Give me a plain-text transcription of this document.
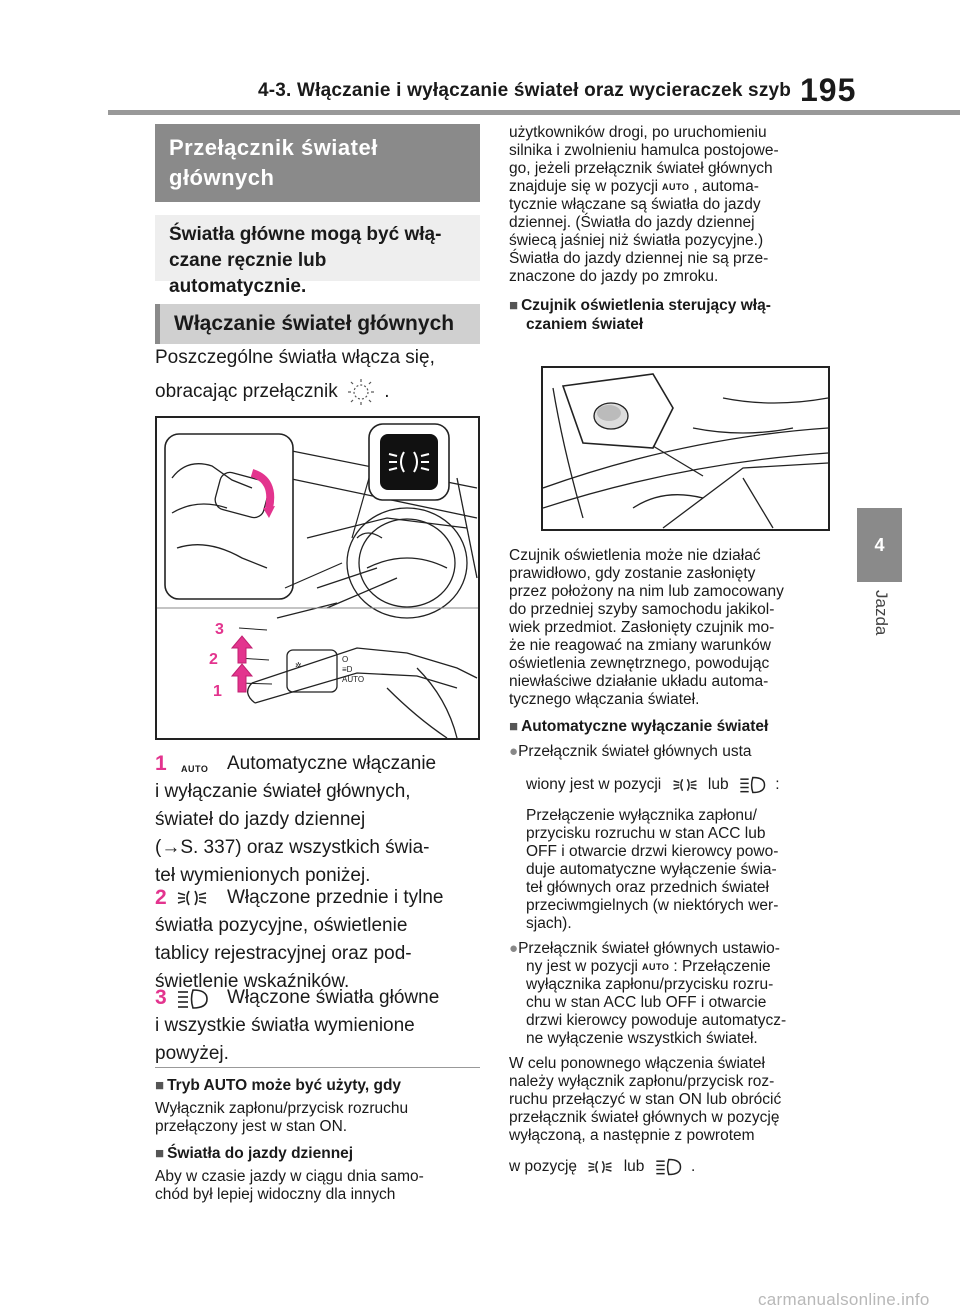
4-3. Włączanie i wyłączanie świateł oraz wycieraczek szyb 195
4
Jazda
Przełącznik świateł głównych
Światła główne mogą być włą-czane ręcznie lub automatycznie.
Włączanie świateł głównych
Poszczególne światła włącza się,
obracając przełącznik .
O
≡D
AUTO
✲
3
2
1
1 AUTO Automatyczne włączanie
i wyłączanie świateł głównych,
świateł do jazdy dziennej
(→S. 337) oraz wszystkich świa-
teł wymienionych poniżej.
2	Włączone przednie i tylne
światła pozycyjne, oświetlenie
tablicy rejestracyjnej oraz pod-
świetlenie wskaźników.
3	Włączone światła główne
i wszystkie światła wymienione
powyżej.
■ Tryb AUTO może być użyty, gdy
Wyłącznik zapłonu/przycisk rozruchu
przełączony jest w stan ON.
■ Światła do jazdy dziennej
Aby w czasie jazdy w ciągu dnia samo-
chód był lepiej widoczny dla innych
użytkowników drogi, po uruchomieniu
silnika i zwolnieniu hamulca postojowe-
go, jeżeli przełącznik świateł głównych
znajduje się w pozycji AUTO , automa-
tycznie włączane są światła do jazdy
dziennej. (Światła do jazdy dziennej
świecą jaśniej niż światła pozycyjne.)
Światła do jazdy dziennej nie są prze-
znaczone do jazdy po zmroku.
■ Czujnik oświetlenia sterujący włą-
czaniem świateł
Czujnik oświetlenia może nie działać
prawidłowo, gdy zostanie zasłonięty
przez położony na nim lub zamocowany
do przedniej szyby samochodu jakikol-
wiek przedmiot. Zasłonięty czujnik mo-
że nie reagować na zmiany warunków
oświetlenia zewnętrznego, powodując
niewłaściwe działanie układu automa-
tycznego włączania świateł.
■ Automatyczne wyłączanie świateł
●Przełącznik świateł głównych usta
wiony jest w pozycji	lub	:
Przełączenie wyłącznika zapłonu/
przycisku rozruchu w stan ACC lub
OFF i otwarcie drzwi kierowcy powo-
duje automatyczne wyłączenie świa-
teł głównych oraz przednich świateł
przeciwmgielnych (w niektórych wer-
sjach).
●Przełącznik świateł głównych ustawio-
ny jest w pozycji AUTO : Przełączenie
wyłącznika zapłonu/przycisku rozru-
chu w stan ACC lub OFF i otwarcie
drzwi kierowcy powoduje automatycz-
ne wyłączenie wszystkich świateł.
W celu ponownego włączenia świateł
należy wyłącznik zapłonu/przycisk roz-
ruchu przełączyć w stan ON lub obrócić
przełącznik świateł głównych w pozycję
wyłączoną, a następnie z powrotem
w pozycję	lub	.
carmanualsonline.info
